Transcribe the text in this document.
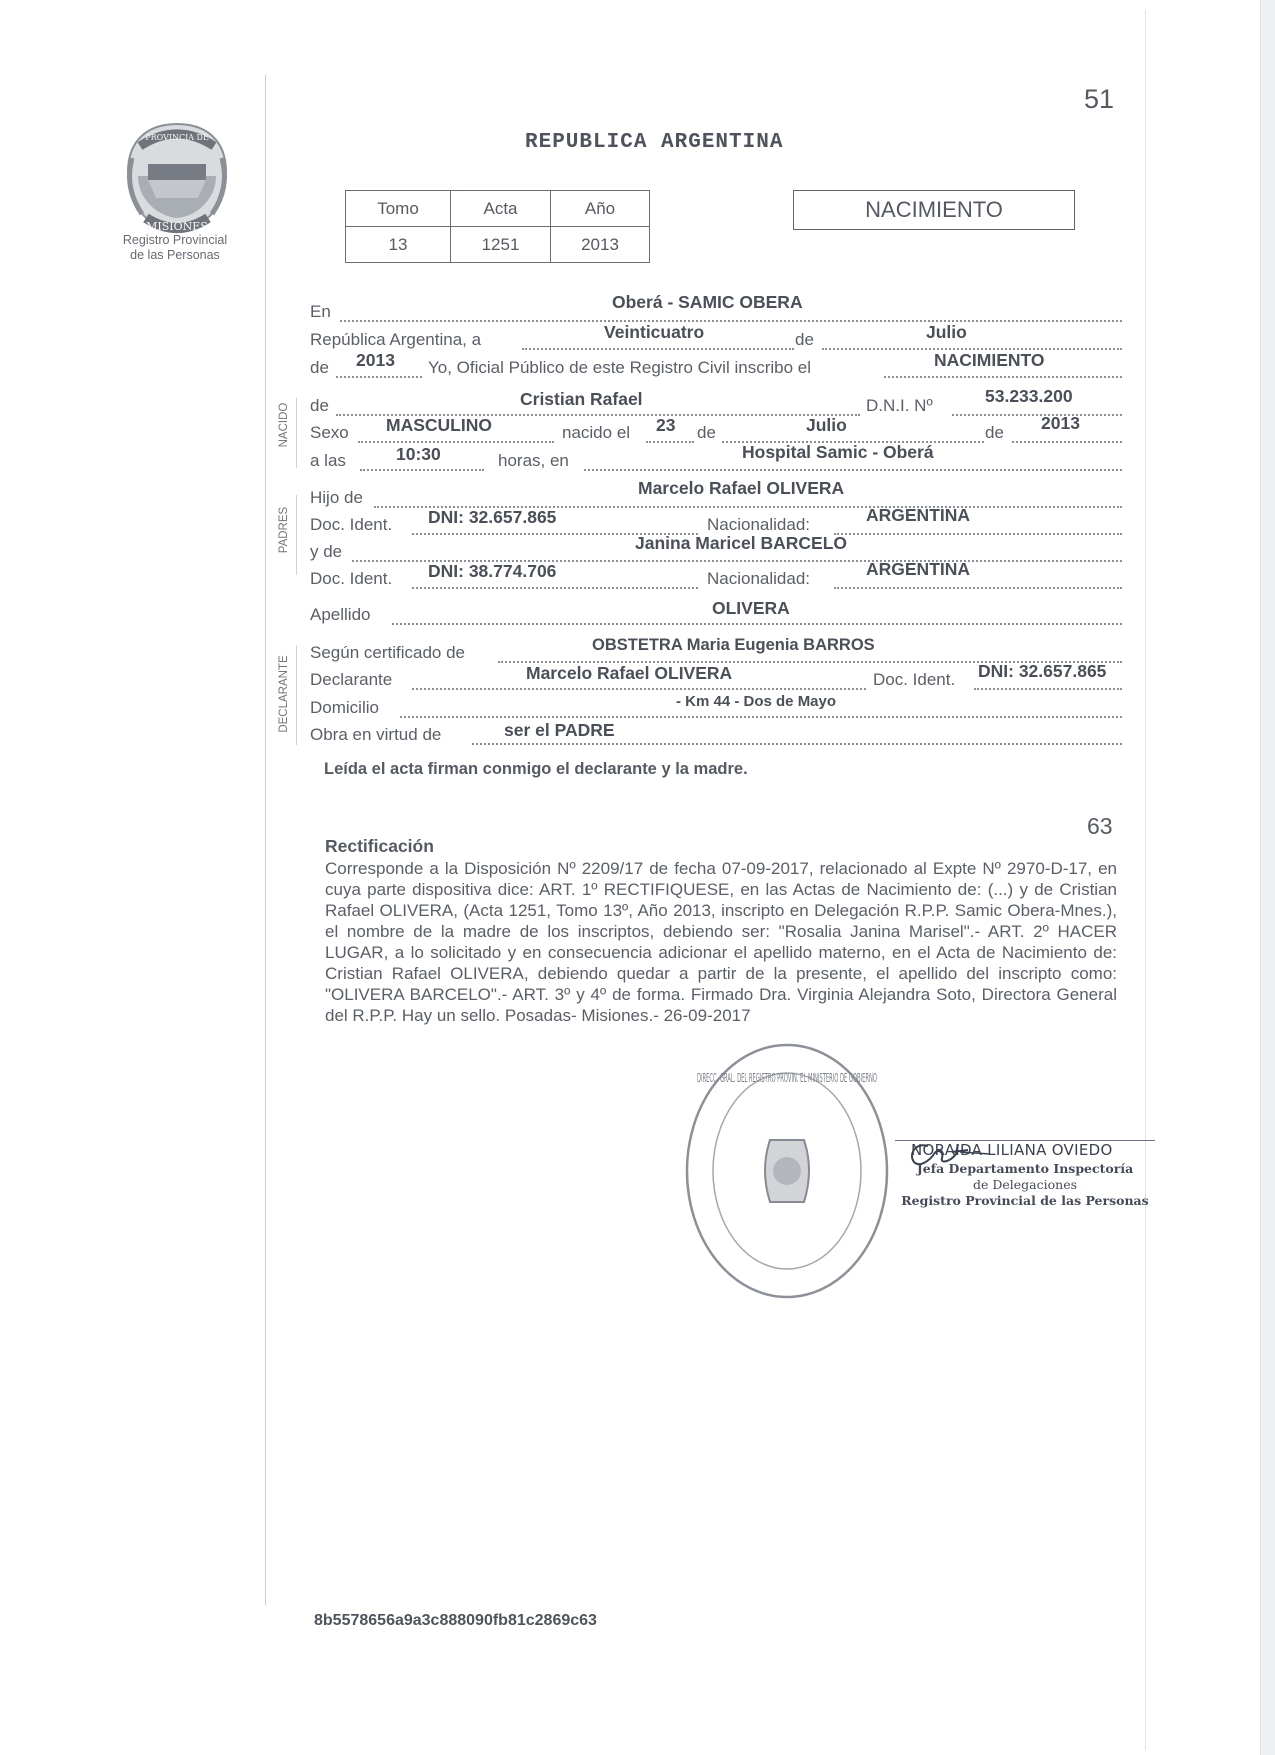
PROVINCIA DE
MISIONES
Registro Provincial
de las Personas
51
REPUBLICA ARGENTINA
Tomo	Acta	Año
13	1251	2013
NACIMIENTO
NACIDO
PADRES
DECLARANTE
En	Oberá - SAMIC OBERA
República Argentina, a	Veinticuatro	de	Julio
de 2013 Yo, Oficial Público de este Registro Civil inscribo el	NACIMIENTO
de	Cristian Rafael	D.N.I. Nº	53.233.200
Sexo MASCULINO	nacido el 23 de	Julio	de 2013
a las	10:30	horas, en	Hospital Samic - Oberá
Hijo de	Marcelo Rafael OLIVERA
Doc. Ident. DNI: 32.657.865	Nacionalidad:	ARGENTINA
y de	Janina Maricel BARCELO
Doc. Ident. DNI: 38.774.706	Nacionalidad:	ARGENTINA
Apellido	OLIVERA
Según certificado de	OBSTETRA Maria Eugenia BARROS
Declarante	Marcelo Rafael OLIVERA	Doc. Ident. DNI: 32.657.865
Domicilio	- Km 44 - Dos de Mayo
Obra en virtud de	ser el PADRE
Leída el acta firman conmigo el declarante y la madre.
63
Rectificación
Corresponde a la Disposición Nº 2209/17 de fecha 07-09-2017, relacionado al Expte Nº 2970-D-17, en cuya parte dispositiva dice: ART. 1º RECTIFIQUESE, en las Actas de Nacimiento de: (...) y de Cristian Rafael OLIVERA, (Acta 1251, Tomo 13º, Año 2013, inscripto en Delegación R.P.P. Samic Obera-Mnes.), el nombre de la madre de los inscriptos, debiendo ser: "Rosalia Janina Marisel".- ART. 2º HACER LUGAR, a lo solicitado y en consecuencia adicionar el apellido materno, en el Acta de Nacimiento de: Cristian Rafael OLIVERA, debiendo quedar a partir de la presente, el apellido del inscripto como: "OLIVERA BARCELO".- ART. 3º y 4º de forma. Firmado Dra. Virginia Alejandra Soto, Directora General del R.P.P. Hay un sello. Posadas- Misiones.- 26-09-2017
DIRECC. GRAL. DEL REGISTRO PROVIN. EL MINISTERIO DE GOBIERNO
NORAIDA LILIANA OVIEDO
Jefa Departamento Inspectoría
de Delegaciones
Registro Provincial de las Personas
8b5578656a9a3c888090fb81c2869c63
